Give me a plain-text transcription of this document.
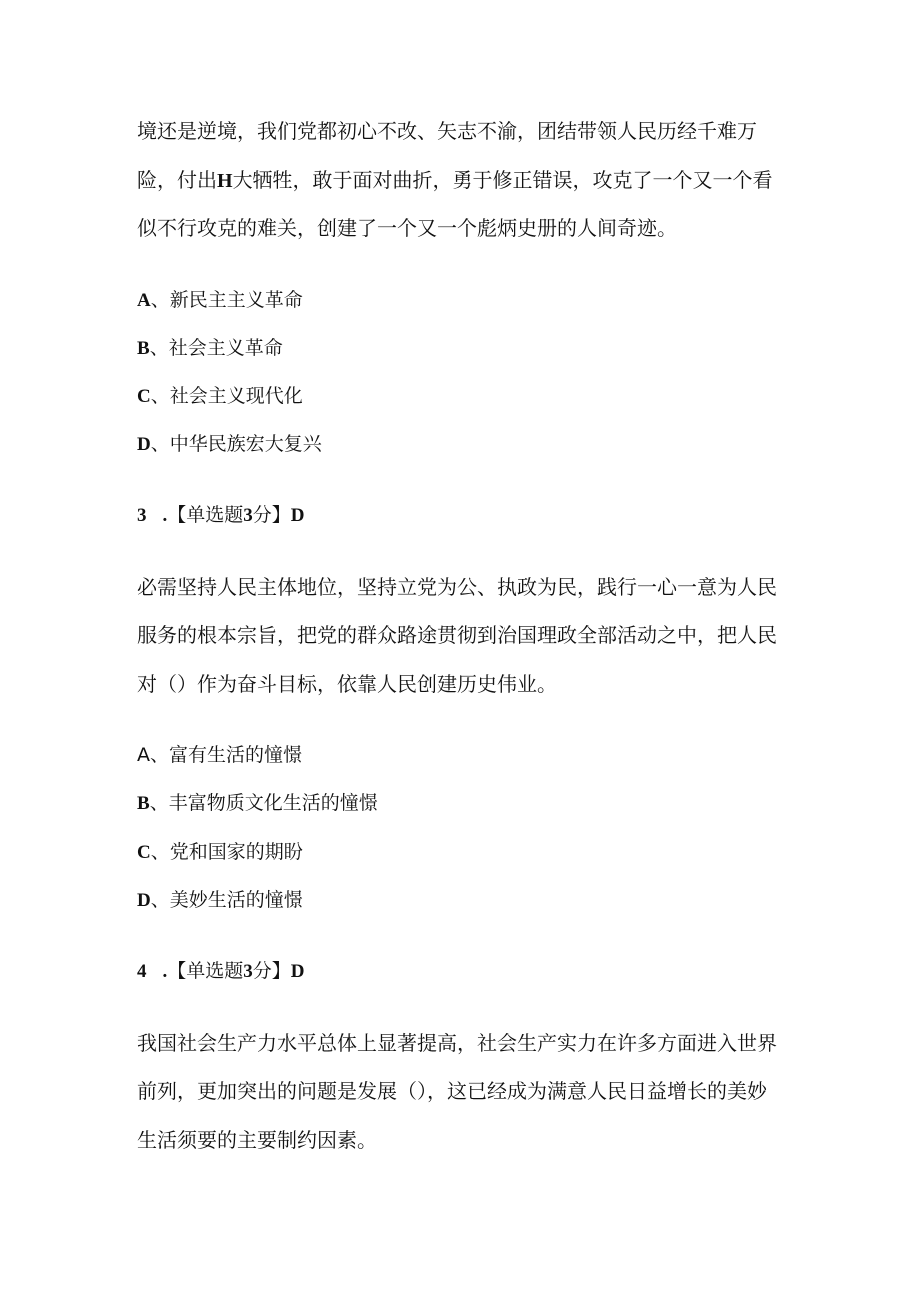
境还是逆境，我们党都初心不改、矢志不渝，团结带领人民历经千难万

险，付出H大牺牲，敢于面对曲折，勇于修正错误，攻克了一个又一个看

似不行攻克的难关，创建了一个又一个彪炳史册的人间奇迹。

A、新民主主义革命

B、社会主义革命

C、社会主义现代化

D、中华民族宏大复兴

3 .【单选题3分】D

必需坚持人民主体地位，坚持立党为公、执政为民，践行一心一意为人民

服务的根本宗旨，把党的群众路途贯彻到治国理政全部活动之中，把人民

对（）作为奋斗目标，依靠人民创建历史伟业。

A、富有生活的憧憬

B、丰富物质文化生活的憧憬

C、党和国家的期盼

D、美妙生活的憧憬

4 .【单选题3分】D

我国社会生产力水平总体上显著提高，社会生产实力在许多方面进入世界

前列，更加突出的问题是发展（），这已经成为满意人民日益增长的美妙

生活须要的主要制约因素。
